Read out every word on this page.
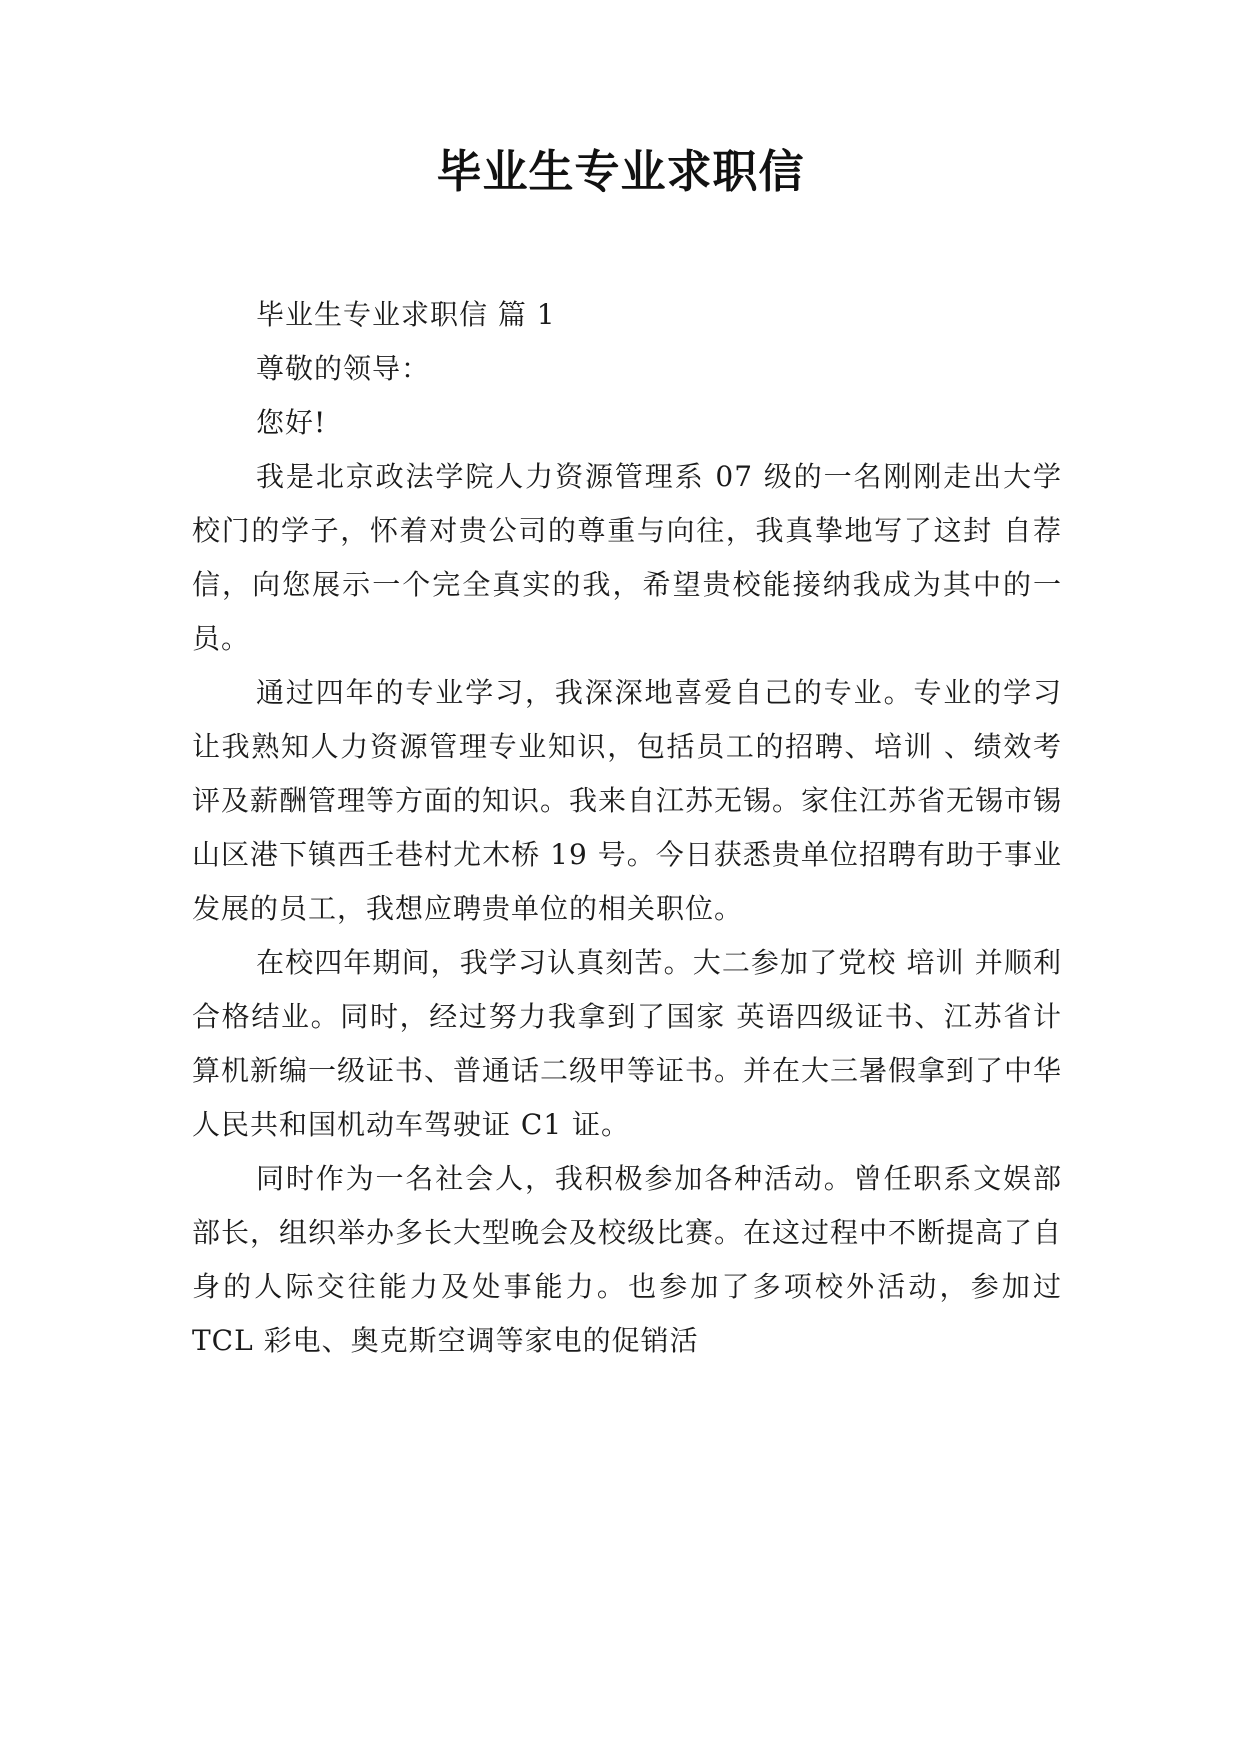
毕业生专业求职信

毕业生专业求职信 篇 1

尊敬的领导：

您好!

我是北京政法学院人力资源管理系 07 级的一名刚刚走出大学校门的学子，怀着对贵公司的尊重与向往，我真挚地写了这封 自荐 信，向您展示一个完全真实的我，希望贵校能接纳我成为其中的一员。

通过四年的专业学习，我深深地喜爱自己的专业。专业的学习让我熟知人力资源管理专业知识，包括员工的招聘、培训 、绩效考评及薪酬管理等方面的知识。我来自江苏无锡。家住江苏省无锡市锡山区港下镇西壬巷村尤木桥 19 号。今日获悉贵单位招聘有助于事业发展的员工，我想应聘贵单位的相关职位。

在校四年期间，我学习认真刻苦。大二参加了党校 培训 并顺利合格结业。同时，经过努力我拿到了国家 英语四级证书、江苏省计算机新编一级证书、普通话二级甲等证书。并在大三暑假拿到了中华人民共和国机动车驾驶证 C1 证。

同时作为一名社会人，我积极参加各种活动。曾任职系文娱部部长，组织举办多长大型晚会及校级比赛。在这过程中不断提高了自身的人际交往能力及处事能力。也参加了多项校外活动，参加过 TCL 彩电、奥克斯空调等家电的促销活
